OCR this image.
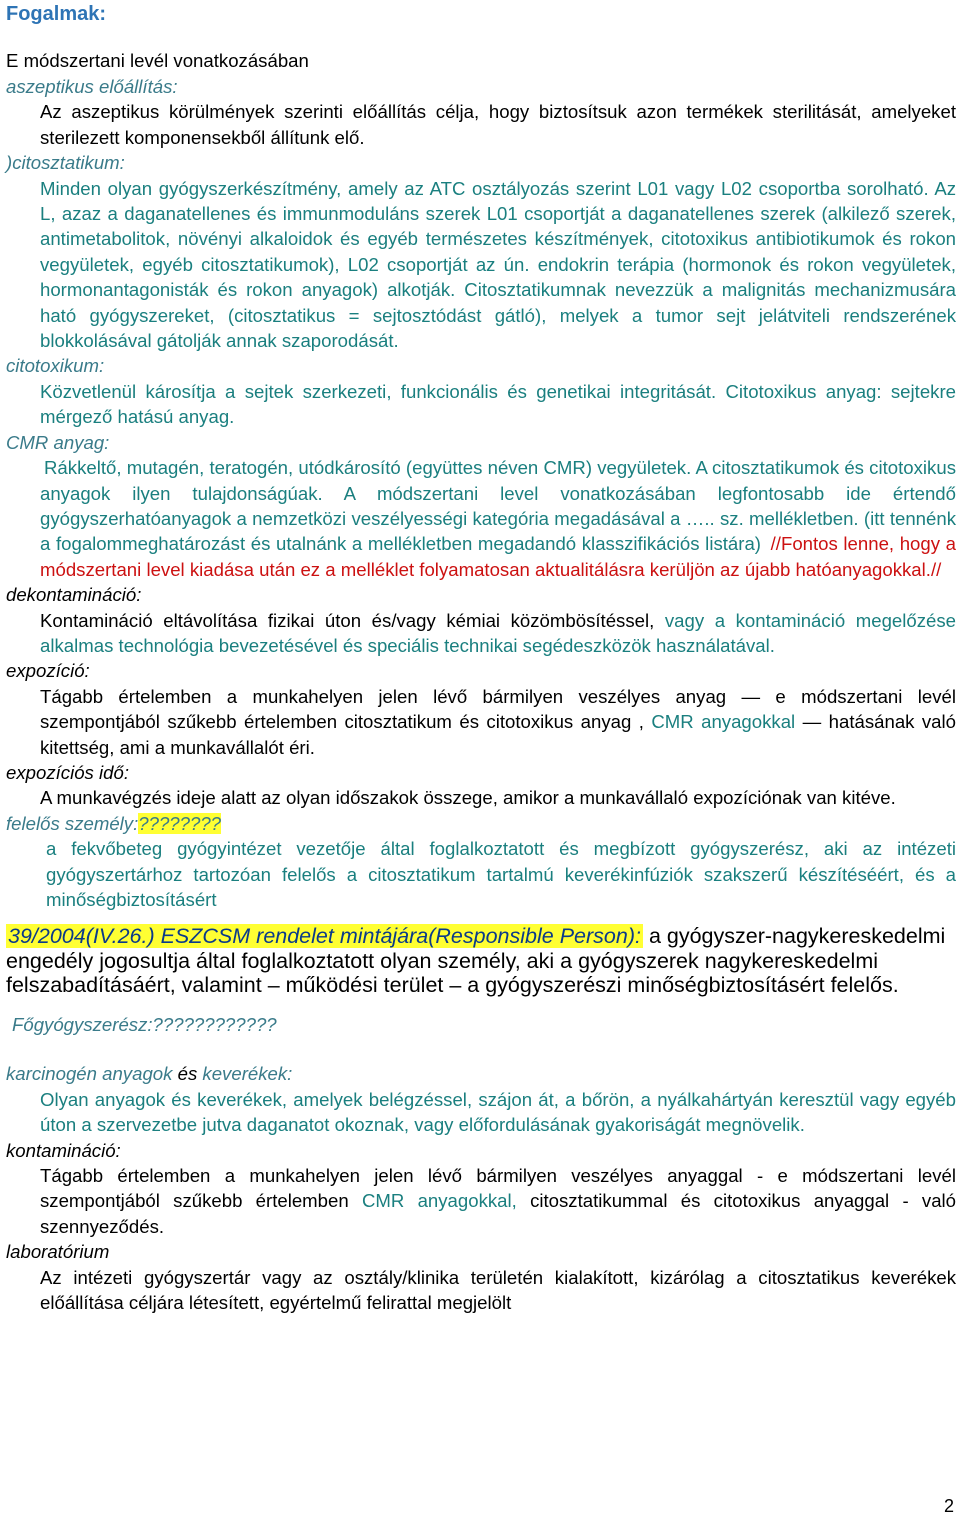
Fogalmak:
E módszertani levél vonatkozásában

aszeptikus előállítás:

Az aszeptikus körülmények szerinti előállítás célja, hogy biztosítsuk azon termékek sterilitását, amelyeket sterilezett komponensekből állítunk elő.

)citosztatikum:

Minden olyan gyógyszerkészítmény, amely az ATC osztályozás szerint L01 vagy L02 csoportba sorolható. Az L, azaz a daganatellenes és immunmoduláns szerek L01 csoportját a daganatellenes szerek (alkilező szerek, antimetabolitok, növényi alkaloidok és egyéb természetes készítmények, citotoxikus antibiotikumok és rokon vegyületek, egyéb citosztatikumok), L02 csoportját az ún. endokrin terápia (hormonok és rokon vegyületek, hormonantagonisták és rokon anyagok) alkotják. Citosztatikumnak nevezzük a malignitás mechanizmusára ható gyógyszereket, (citosztatikus = sejtosztódást gátló), melyek a tumor sejt jelátviteli rendszerének blokkolásával gátolják annak szaporodását.

citotoxikum:

Közvetlenül károsítja a sejtek szerkezeti, funkcionális és genetikai integritását. Citotoxikus anyag: sejtekre mérgező hatású anyag.

CMR anyag:

Rákkeltő, mutagén, teratogén, utódkárosító (együttes néven CMR) vegyületek. A citosztatikumok és citotoxikus anyagok ilyen tulajdonságúak. A módszertani level vonatkozásában legfontosabb ide értendő gyógyszerhatóanyagok a nemzetközi veszélyességi kategória megadásával a ….. sz. mellékletben. (itt tennénk a fogalommeghatározást és utalnánk a mellékletben megadandó klasszifikációs listára) //Fontos lenne, hogy a módszertani level kiadása után ez a melléklet folyamatosan aktualitálásra kerüljön az újabb hatóanyagokkal.//

dekontamináció:

Kontamináció eltávolítása fizikai úton és/vagy kémiai közömbösítéssel, vagy a kontamináció megelőzése alkalmas technológia bevezetésével és speciális technikai segédeszközök használatával.

expozíció:

Tágabb értelemben a munkahelyen jelen lévő bármilyen veszélyes anyag — e módszertani levél szempontjából szűkebb értelemben citosztatikum és citotoxikus anyag , CMR anyagokkal — hatásának való kitettség, ami a munkavállalót éri.

expozíciós idő:

A munkavégzés ideje alatt az olyan időszakok összege, amikor a munkavállaló expozíciónak van kitéve.

felelős személy:????????

a fekvőbeteg gyógyintézet vezetője által foglalkoztatott és megbízott gyógyszerész, aki az intézeti gyógyszertárhoz tartozóan felelős a citosztatikum tartalmú keverékinfúziók szakszerű készítéséért, és a minőségbiztosításért

39/2004(IV.26.) ESZCSM rendelet mintájára(Responsible Person): a gyógyszer-nagykereskedelmi engedély jogosultja által foglalkoztatott olyan személy, aki a gyógyszerek nagykereskedelmi felszabadításáért, valamint – működési terület – a gyógyszerészi minőségbiztosításért felelős.

Főgyógyszerész:????????????

karcinogén anyagok és keverékek:

Olyan anyagok és keverékek, amelyek belégzéssel, szájon át, a bőrön, a nyálkahártyán keresztül vagy egyéb úton a szervezetbe jutva daganatot okoznak, vagy előfordulásának gyakoriságát megnövelik.

kontamináció:

Tágabb értelemben a munkahelyen jelen lévő bármilyen veszélyes anyaggal - e módszertani levél szempontjából szűkebb értelemben CMR anyagokkal, citosztatikummal és citotoxikus anyaggal - való szennyeződés.

laboratórium

Az intézeti gyógyszertár vagy az osztály/klinika területén kialakított, kizárólag a citosztatikus keverékek előállítása céljára létesített, egyértelmű felirattal megjelölt

2
